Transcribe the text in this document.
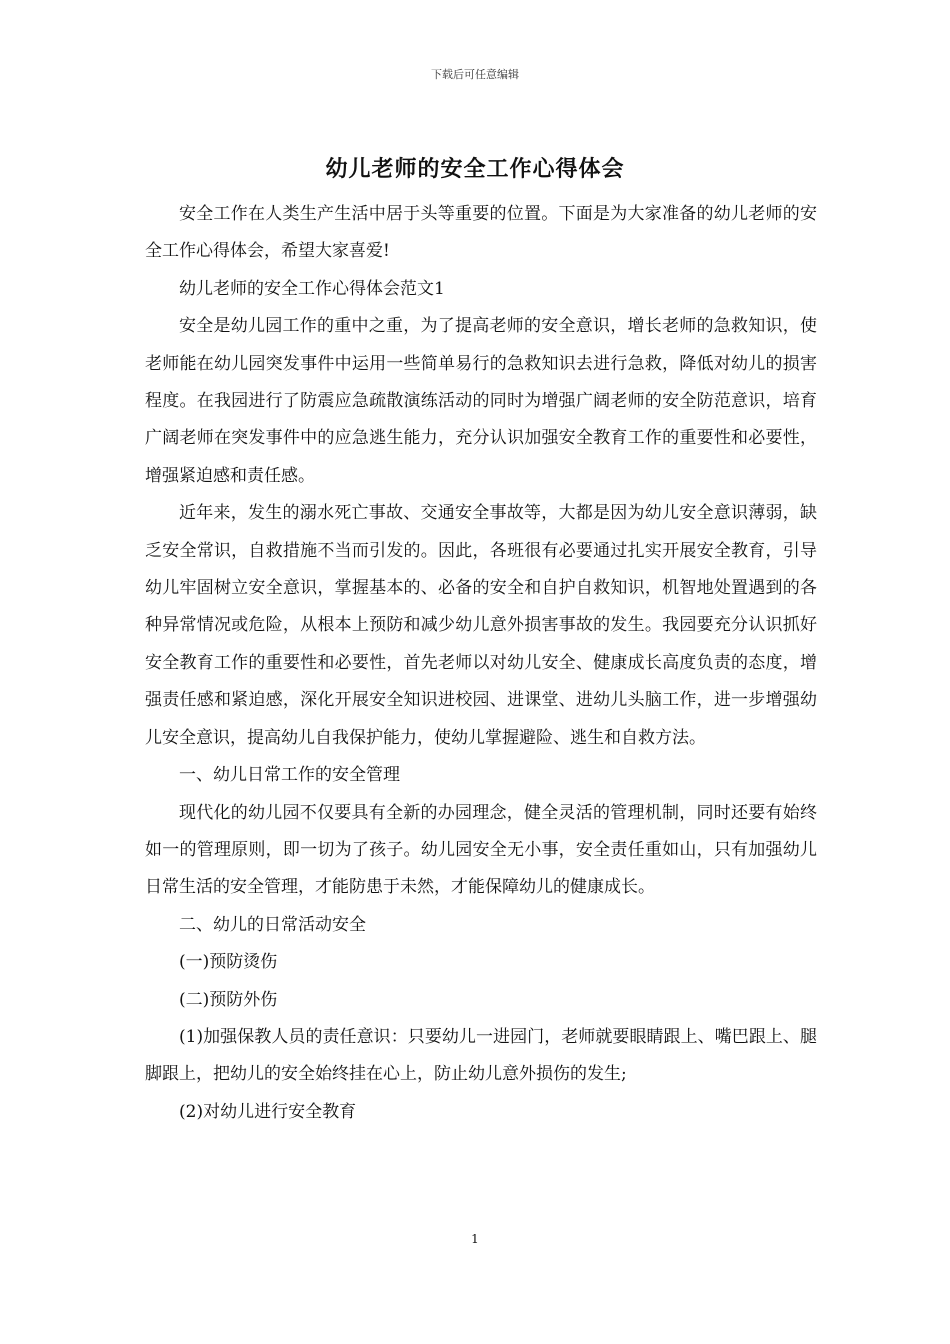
下载后可任意编辑
幼儿老师的安全工作心得体会

安全工作在人类生产生活中居于头等重要的位置。下面是为大家准备的幼儿老师的安全工作心得体会，希望大家喜爱!

幼儿老师的安全工作心得体会范文1

安全是幼儿园工作的重中之重，为了提高老师的安全意识，增长老师的急救知识，使老师能在幼儿园突发事件中运用一些简单易行的急救知识去进行急救，降低对幼儿的损害程度。在我园进行了防震应急疏散演练活动的同时为增强广阔老师的安全防范意识，培育广阔老师在突发事件中的应急逃生能力，充分认识加强安全教育工作的重要性和必要性，增强紧迫感和责任感。

近年来，发生的溺水死亡事故、交通安全事故等，大都是因为幼儿安全意识薄弱，缺乏安全常识，自救措施不当而引发的。因此，各班很有必要通过扎实开展安全教育，引导幼儿牢固树立安全意识，掌握基本的、必备的安全和自护自救知识，机智地处置遇到的各种异常情况或危险，从根本上预防和减少幼儿意外损害事故的发生。我园要充分认识抓好安全教育工作的重要性和必要性，首先老师以对幼儿安全、健康成长高度负责的态度，增强责任感和紧迫感，深化开展安全知识进校园、进课堂、进幼儿头脑工作，进一步增强幼儿安全意识，提高幼儿自我保护能力，使幼儿掌握避险、逃生和自救方法。

一、幼儿日常工作的安全管理

现代化的幼儿园不仅要具有全新的办园理念，健全灵活的管理机制，同时还要有始终如一的管理原则，即一切为了孩子。幼儿园安全无小事，安全责任重如山，只有加强幼儿日常生活的安全管理，才能防患于未然，才能保障幼儿的健康成长。

二、幼儿的日常活动安全

(一)预防烫伤

(二)预防外伤

(1)加强保教人员的责任意识：只要幼儿一进园门，老师就要眼睛跟上、嘴巴跟上、腿脚跟上，把幼儿的安全始终挂在心上，防止幼儿意外损伤的发生;

(2)对幼儿进行安全教育

1
